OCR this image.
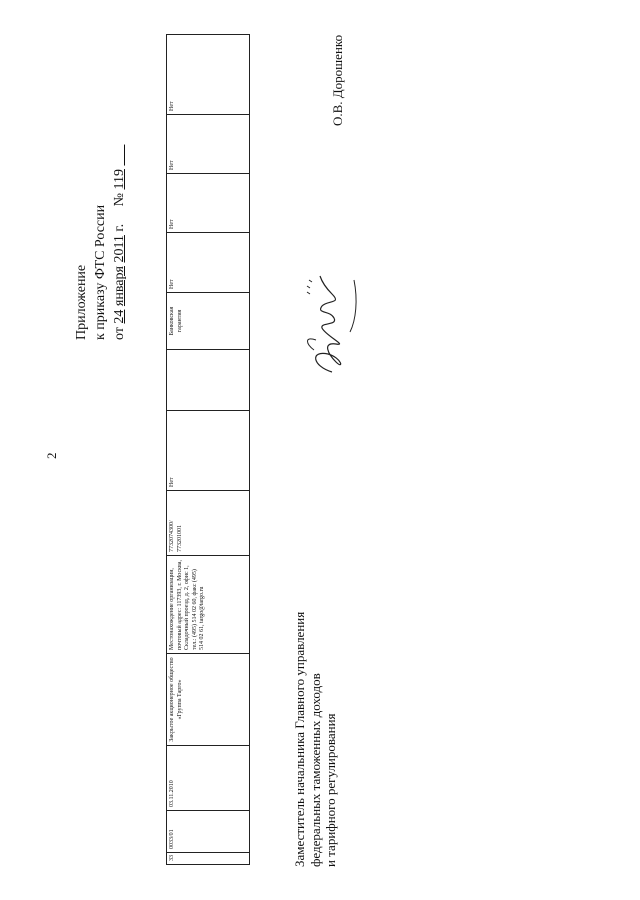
2
Приложение к приказу ФТС России от 24 января 2011 г.     № 119
33	0033/01	03.11.2010	Закрытое акционерное общество «Группа Тарго»	Местонахождение организации, почтовый адрес: 117393, г. Москва, Складочный проезд, д. 2, офис 1, тел.: (495) 514 02 60, факс (495) 514 02 61, targo@targo.ru	7732074300/ 773201001	Нет		Банковская гарантия	Нет	Нет	Нет	Нет
Заместитель начальника Главного управления федеральных таможенных доходов и тарифного регулирования
О.В. Дорошенко
